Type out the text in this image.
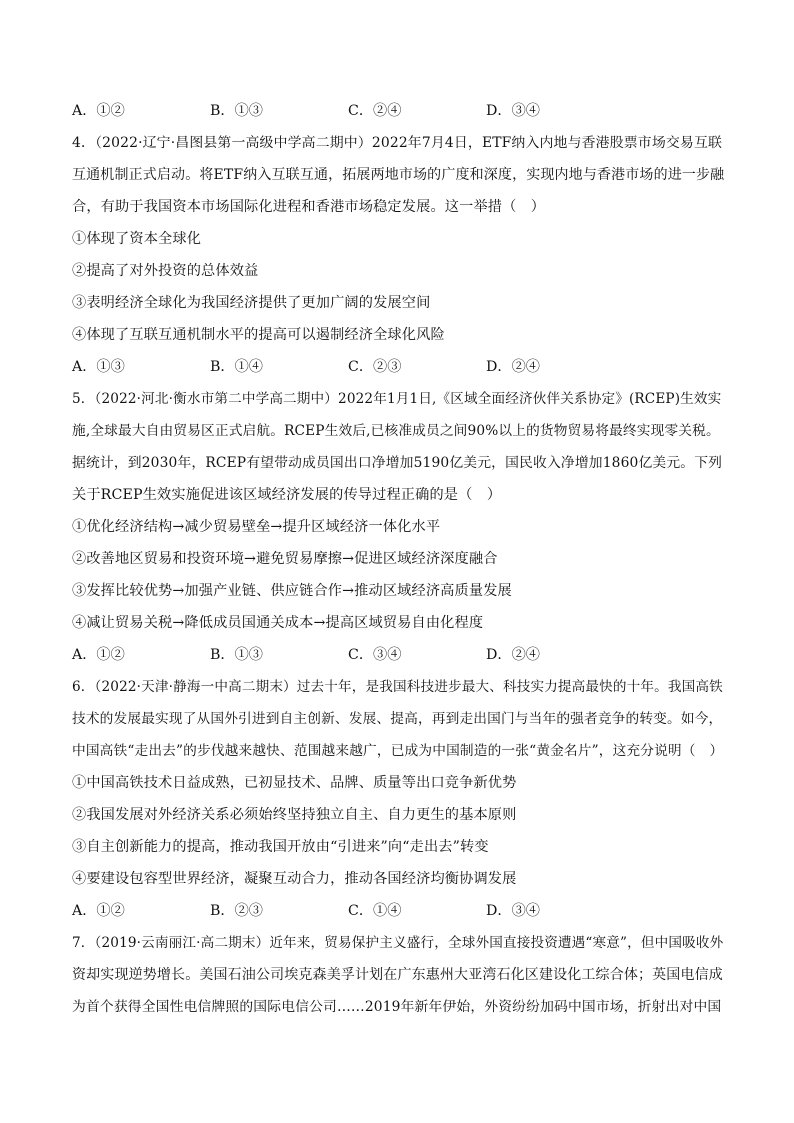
A．①②	B．①③	C．②④	D．③④
4．（2022·辽宁·昌图县第一高级中学高二期中）2022年7月4日，ETF纳入内地与香港股票市场交易互联
互通机制正式启动。将ETF纳入互联互通，拓展两地市场的广度和深度，实现内地与香港市场的进一步融
合，有助于我国资本市场国际化进程和香港市场稳定发展。这一举措（　）
①体现了资本全球化
②提高了对外投资的总体效益
③表明经济全球化为我国经济提供了更加广阔的发展空间
④体现了互联互通机制水平的提高可以遏制经济全球化风险
A．①③	B．①④	C．②③	D．②④
5．（2022·河北·衡水市第二中学高二期中）2022年1月1日,《区域全面经济伙伴关系协定》(RCEP)生效实
施,全球最大自由贸易区正式启航。RCEP生效后,已核准成员之间90%以上的货物贸易将最终实现零关税。
据统计，到2030年，RCEP有望带动成员国出口净增加5190亿美元，国民收入净增加1860亿美元。下列
关于RCEP生效实施促进该区域经济发展的传导过程正确的是（　）
①优化经济结构→减少贸易壁垒→提升区域经济一体化水平
②改善地区贸易和投资环境→避免贸易摩擦→促进区域经济深度融合
③发挥比较优势→加强产业链、供应链合作→推动区域经济高质量发展
④减让贸易关税→降低成员国通关成本→提高区域贸易自由化程度
A．①②	B．①③	C．③④	D．②④
6．（2022·天津·静海一中高二期末）过去十年，是我国科技进步最大、科技实力提高最快的十年。我国高铁
技术的发展最实现了从国外引进到自主创新、发展、提高，再到走出国门与当年的强者竞争的转变。如今，
中国高铁“走出去”的步伐越来越快、范围越来越广，已成为中国制造的一张“黄金名片”，这充分说明（　）
①中国高铁技术日益成熟，已初显技术、品牌、质量等出口竞争新优势
②我国发展对外经济关系必须始终坚持独立自主、自力更生的基本原则
③自主创新能力的提高，推动我国开放由“引进来”向“走出去”转变
④要建设包容型世界经济，凝聚互动合力，推动各国经济均衡协调发展
A．①②	B．②③	C．①④	D．③④
7．（2019·云南丽江·高二期末）近年来，贸易保护主义盛行，全球外国直接投资遭遇“寒意”，但中国吸收外
资却实现逆势增长。美国石油公司埃克森美孚计划在广东惠州大亚湾石化区建设化工综合体；英国电信成
为首个获得全国性电信牌照的国际电信公司……2019年新年伊始，外资纷纷加码中国市场，折射出对中国
